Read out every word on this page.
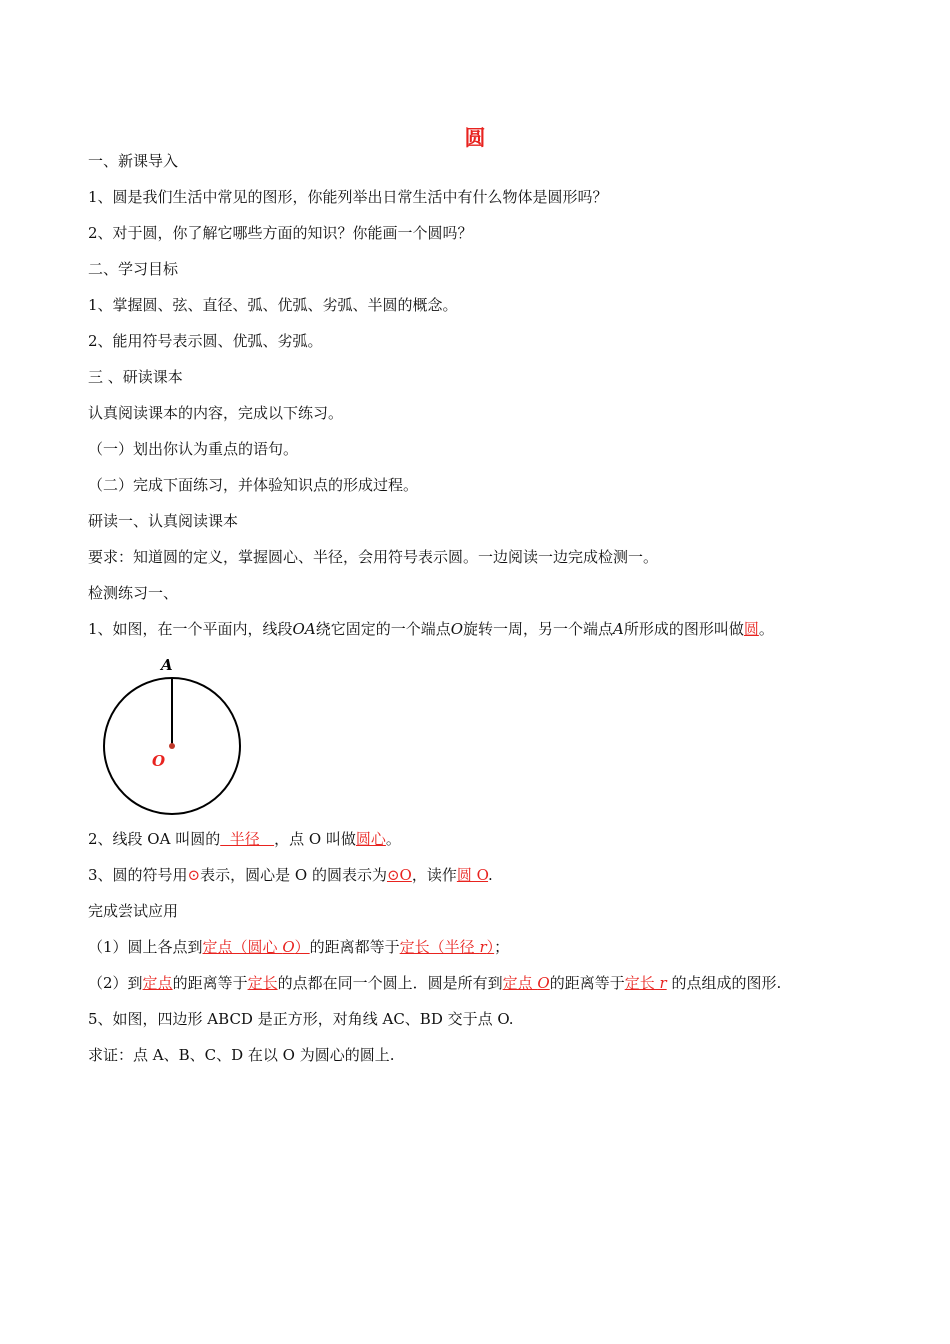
圆
一、新课导入
1、圆是我们生活中常见的图形，你能列举出日常生活中有什么物体是圆形吗？
2、对于圆，你了解它哪些方面的知识？你能画一个圆吗？
二、学习目标
1、掌握圆、弦、直径、弧、优弧、劣弧、半圆的概念。
2、能用符号表示圆、优弧、劣弧。
三 、研读课本
认真阅读课本的内容，完成以下练习。
（一）划出你认为重点的语句。
（二）完成下面练习，并体验知识点的形成过程。
研读一、认真阅读课本
要求：知道圆的定义，掌握圆心、半径，会用符号表示圆。一边阅读一边完成检测一。
检测练习一、
1、如图，在一个平面内，线段OA绕它固定的一个端点O旋转一周，另一个端点A所形成的图形叫做圆。
A
O
2、线段 OA 叫圆的  半径   ，点 O 叫做圆心。
3、圆的符号用⊙表示，圆心是 O 的圆表示为⊙O，读作圆 O.
完成尝试应用
（1）圆上各点到定点（圆心 O）的距离都等于定长（半径 r）；
（2）到定点的距离等于定长的点都在同一个圆上．圆是所有到定点 O的距离等于定长 r 的点组成的图形.
5、如图，四边形 ABCD 是正方形，对角线 AC、BD 交于点 O.
求证：点 A、B、C、D 在以 O 为圆心的圆上.
